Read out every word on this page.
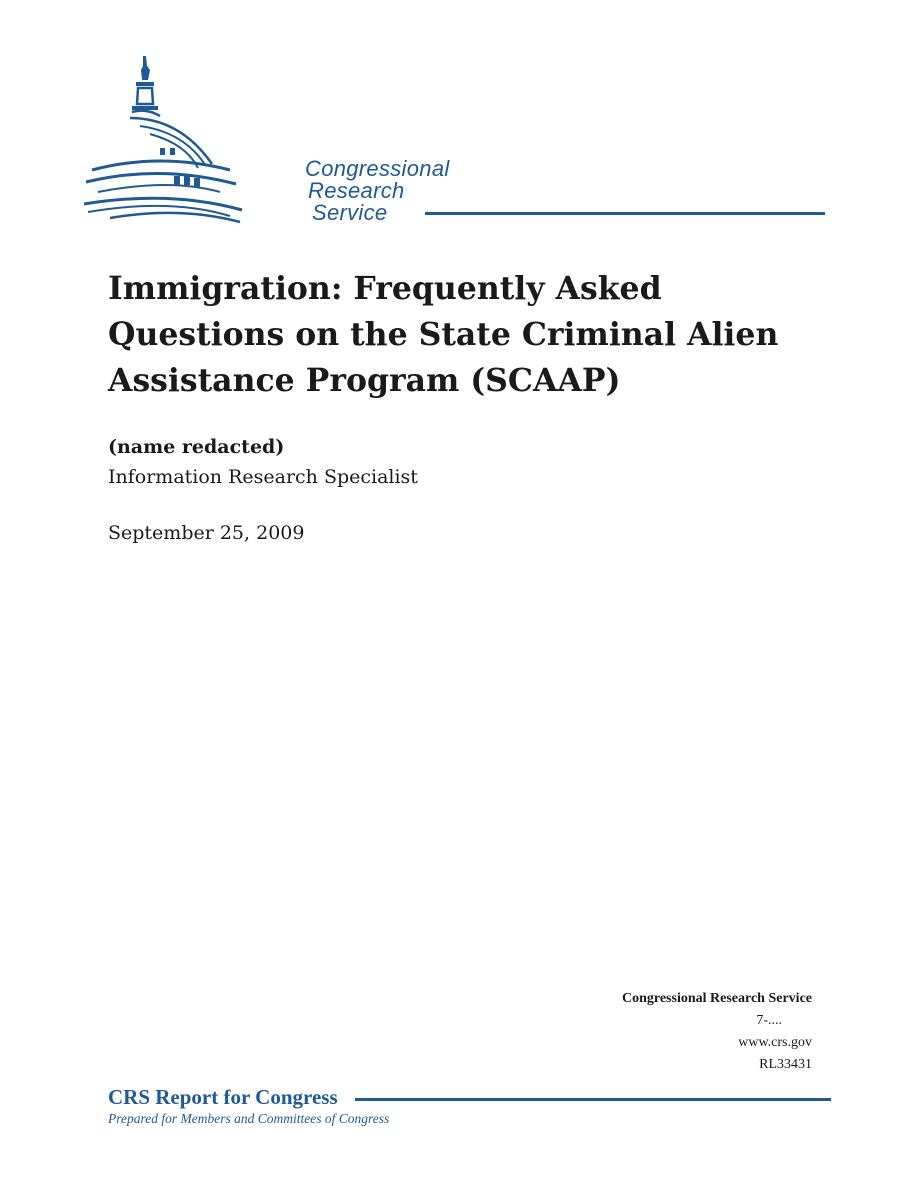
Congressional
Research
Service
Immigration: Frequently Asked Questions on the State Criminal Alien Assistance Program (SCAAP)
(name redacted)
Information Research Specialist
September 25, 2009
Congressional Research Service
7-....
www.crs.gov
RL33431
CRS Report for Congress
Prepared for Members and Committees of Congress
